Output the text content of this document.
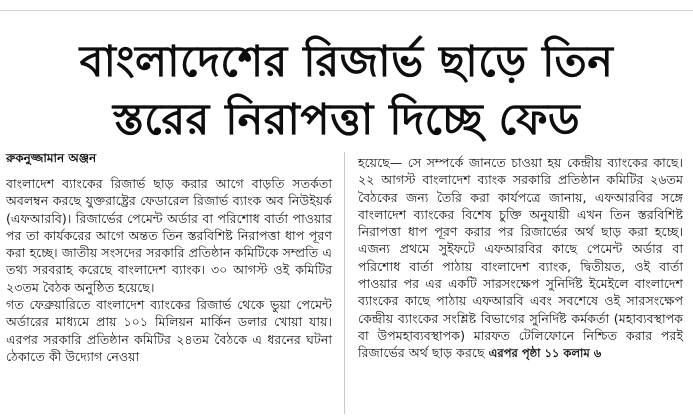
বাংলাদেশের রিজার্ভ ছাড়ে তিন
স্তরের নিরাপত্তা দিচ্ছে ফেড
রুকনুজ্জামান অঞ্জন

বাংলাদেশ ব্যাংকের রিজার্ভ ছাড় করার আগে বাড়তি সতর্কতা অবলম্বন করছে যুক্তরাষ্ট্রের ফেডারেল রিজার্ভ ব্যাংক অব নিউইয়র্ক (এফআরবি)। রিজার্ভের পেমেন্ট অর্ডার বা পরিশোধ বার্তা পাওয়ার পর তা কার্যকরের আগে অন্তত তিন স্তরবিশিষ্ট নিরাপত্তা ধাপ পূরণ করা হচ্ছে। জাতীয় সংসদের সরকারি প্রতিষ্ঠান কমিটিকে সম্প্রতি এ তথ্য সরবরাহ করেছে বাংলাদেশ ব্যাংক। ৩০ আগস্ট ওই কমিটির ২৩তম বৈঠক অনুষ্ঠিত হয়েছে।

গত ফেব্রুয়ারিতে বাংলাদেশ ব্যাংকের রিজার্ভ থেকে ভুয়া পেমেন্ট অর্ডারের মাধ্যমে প্রায় ১০১ মিলিয়ন মার্কিন ডলার খোয়া যায়। এরপর সরকারি প্রতিষ্ঠান কমিটির ২৪তম বৈঠকে এ ধরনের ঘটনা ঠেকাতে কী উদ্যোগ নেওয়া

হয়েছে— সে সম্পর্কে জানতে চাওয়া হয় কেন্দ্রীয় ব্যাংকের কাছে। ২২ আগস্ট বাংলাদেশ ব্যাংক সরকারি প্রতিষ্ঠান কমিটির ২৬তম বৈঠকের জন্য তৈরি করা কার্যপত্রে জানায়, এফআরবির সঙ্গে বাংলাদেশ ব্যাংকের বিশেষ চুক্তি অনুযায়ী এখন তিন স্তরবিশিষ্ট নিরাপত্তা ধাপ পূরণ করার পর রিজার্ভের অর্থ ছাড় করা হচ্ছে। এজন্য প্রথমে সুইফটে এফআরবির কাছে পেমেন্ট অর্ডার বা পরিশোধ বার্তা পাঠায় বাংলাদেশ ব্যাংক, দ্বিতীয়ত, ওই বার্তা পাওয়ার পর এর একটি সারসংক্ষেপ সুনির্দিষ্ট ইমেইলে বাংলাদেশ ব্যাংকের কাছে পাঠায় এফআরবি এবং সবশেষে ওই সারসংক্ষেপ কেন্দ্রীয় ব্যাংকের সংশ্লিষ্ট বিভাগের সুনির্দিষ্ট কর্মকর্তা (মহাব্যবস্থাপক বা উপমহাব্যবস্থাপক) মারফত টেলিফোনে নিশ্চিত করার পরই রিজার্ভের অর্থ ছাড় করছে এরপর পৃষ্ঠা ১১ কলাম ৬
